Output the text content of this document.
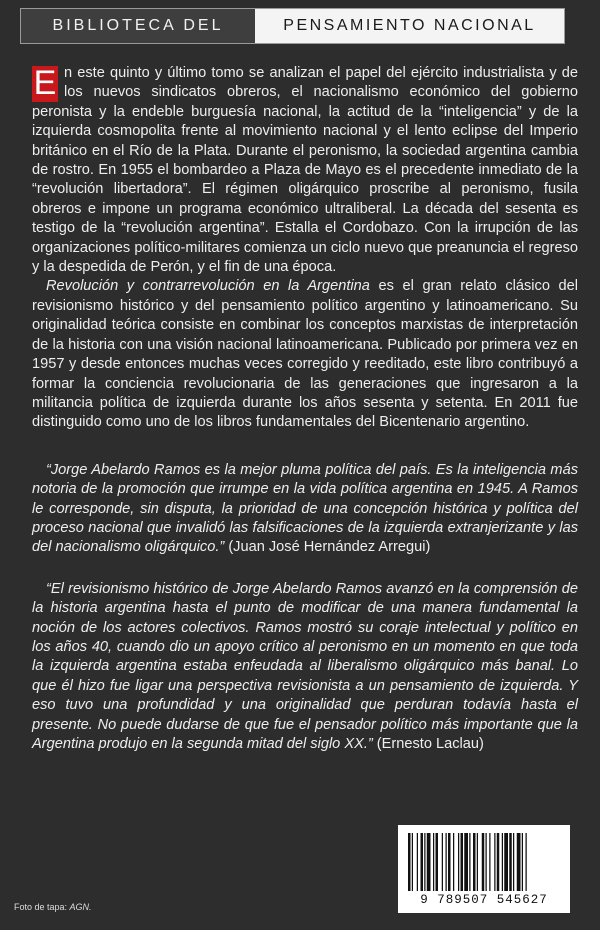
BIBLIOTECA DEL	PENSAMIENTO NACIONAL

E n este quinto y último tomo se analizan el papel del ejército industrialista y de los nuevos sindicatos obreros, el nacionalismo económico del gobierno peronista y la endeble burguesía nacional, la actitud de la “inteligencia” y de la izquierda cosmopolita frente al movimiento nacional y el lento eclipse del Imperio británico en el Río de la Plata. Durante el peronismo, la sociedad argentina cambia de rostro. En 1955 el bombardeo a Plaza de Mayo es el precedente inmediato de la “revolución libertadora”. El régimen oligárquico proscribe al peronismo, fusila obreros e impone un programa económico ultraliberal. La década del sesenta es testigo de la “revolución argentina”. Estalla el Cordobazo. Con la irrupción de las organizaciones político-militares comienza un ciclo nuevo que preanuncia el regreso y la despedida de Perón, y el fin de una época.

Revolución y contrarrevolución en la Argentina es el gran relato clásico del revisionismo histórico y del pensamiento político argentino y latinoamericano. Su originalidad teórica consiste en combinar los conceptos marxistas de interpretación de la historia con una visión nacional latinoamericana. Publicado por primera vez en 1957 y desde entonces muchas veces corregido y reeditado, este libro contribuyó a formar la conciencia revolucionaria de las generaciones que ingresaron a la militancia política de izquierda durante los años sesenta y setenta. En 2011 fue distinguido como uno de los libros fundamentales del Bicentenario argentino.

“Jorge Abelardo Ramos es la mejor pluma política del país. Es la inteligencia más notoria de la promoción que irrumpe en la vida política argentina en 1945. A Ramos le corresponde, sin disputa, la prioridad de una concepción histórica y política del proceso nacional que invalidó las falsificaciones de la izquierda extranjerizante y las del nacionalismo oligárquico.” (Juan José Hernández Arregui)

“El revisionismo histórico de Jorge Abelardo Ramos avanzó en la comprensión de la historia argentina hasta el punto de modificar de una manera fundamental la noción de los actores colectivos. Ramos mostró su coraje intelectual y político en los años 40, cuando dio un apoyo crítico al peronismo en un momento en que toda la izquierda argentina estaba enfeudada al liberalismo oligárquico más banal. Lo que él hizo fue ligar una perspectiva revisionista a un pensamiento de izquierda. Y eso tuvo una profundidad y una originalidad que perduran todavía hasta el presente. No puede dudarse de que fue el pensador político más importante que la Argentina produjo en la segunda mitad del siglo XX.” (Ernesto Laclau)

Foto de tapa: AGN.	9 789507 545627
